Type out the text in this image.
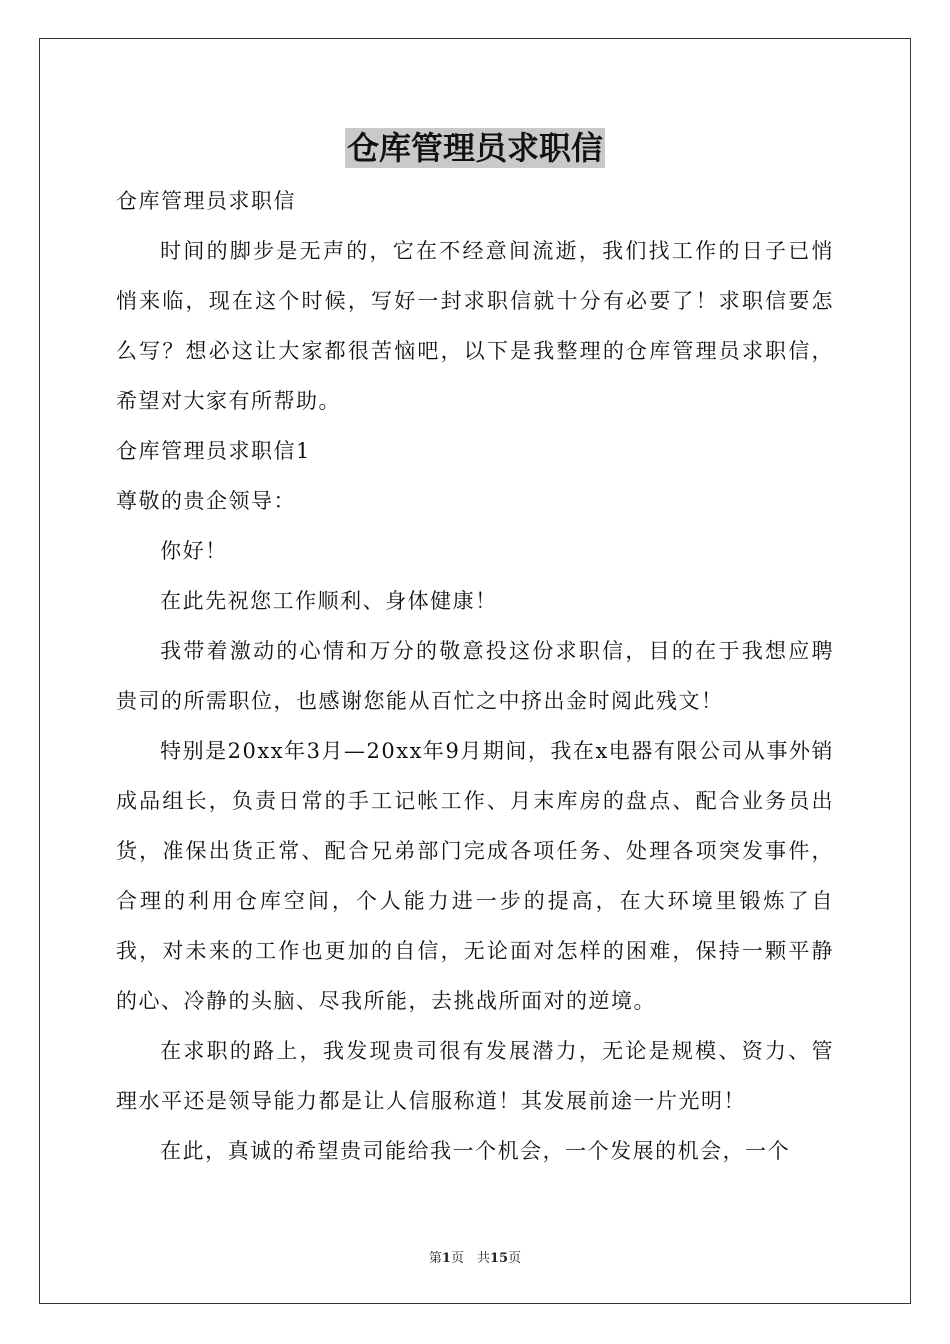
仓库管理员求职信

仓库管理员求职信

时间的脚步是无声的，它在不经意间流逝，我们找工作的日子已悄悄来临，现在这个时候，写好一封求职信就十分有必要了！求职信要怎么写？想必这让大家都很苦恼吧，以下是我整理的仓库管理员求职信，希望对大家有所帮助。

仓库管理员求职信1

尊敬的贵企领导：

你好！

在此先祝您工作顺利、身体健康！

我带着激动的心情和万分的敬意投这份求职信，目的在于我想应聘贵司的所需职位，也感谢您能从百忙之中挤出金时阅此残文！

特别是20xx年3月—20xx年9月期间，我在x电器有限公司从事外销成品组长，负责日常的手工记帐工作、月末库房的盘点、配合业务员出货，准保出货正常、配合兄弟部门完成各项任务、处理各项突发事件，合理的利用仓库空间，个人能力进一步的提高，在大环境里锻炼了自我，对未来的工作也更加的自信，无论面对怎样的困难，保持一颗平静的心、冷静的头脑、尽我所能，去挑战所面对的逆境。

在求职的路上，我发现贵司很有发展潜力，无论是规模、资力、管理水平还是领导能力都是让人信服称道！其发展前途一片光明！

在此，真诚的希望贵司能给我一个机会，一个发展的机会，一个

第1页　共15页
